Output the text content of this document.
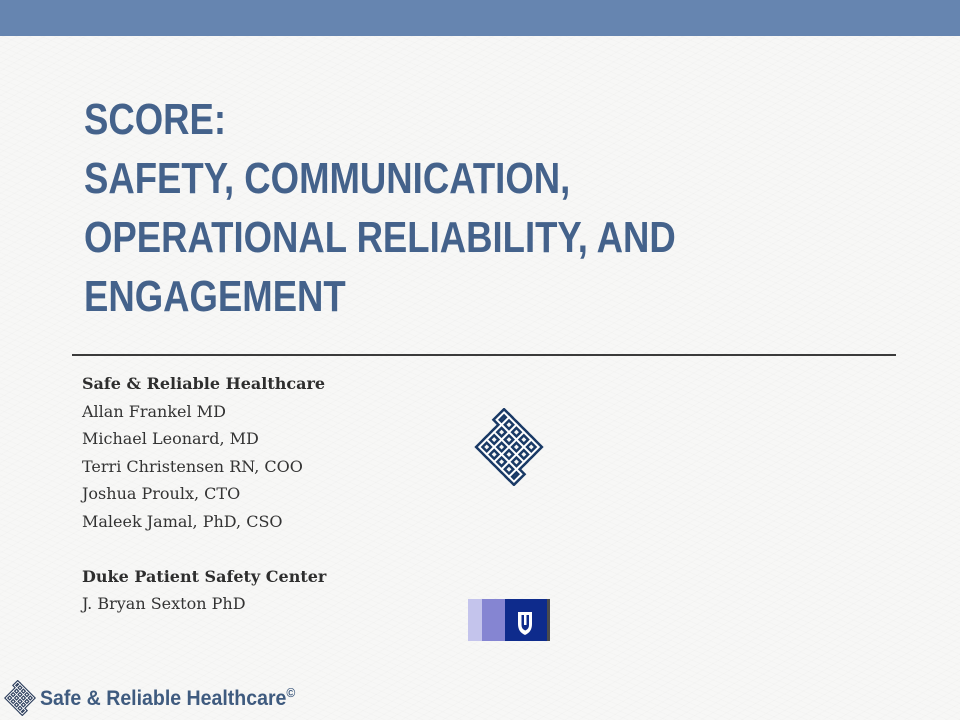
SCORE:
SAFETY, COMMUNICATION,
OPERATIONAL RELIABILITY, AND
ENGAGEMENT
Safe & Reliable Healthcare
Allan Frankel MD
Michael Leonard, MD
Terri Christensen RN, COO
Joshua Proulx, CTO
Maleek Jamal, PhD, CSO
Duke Patient Safety Center
J. Bryan Sexton PhD
Safe & Reliable Healthcare©
